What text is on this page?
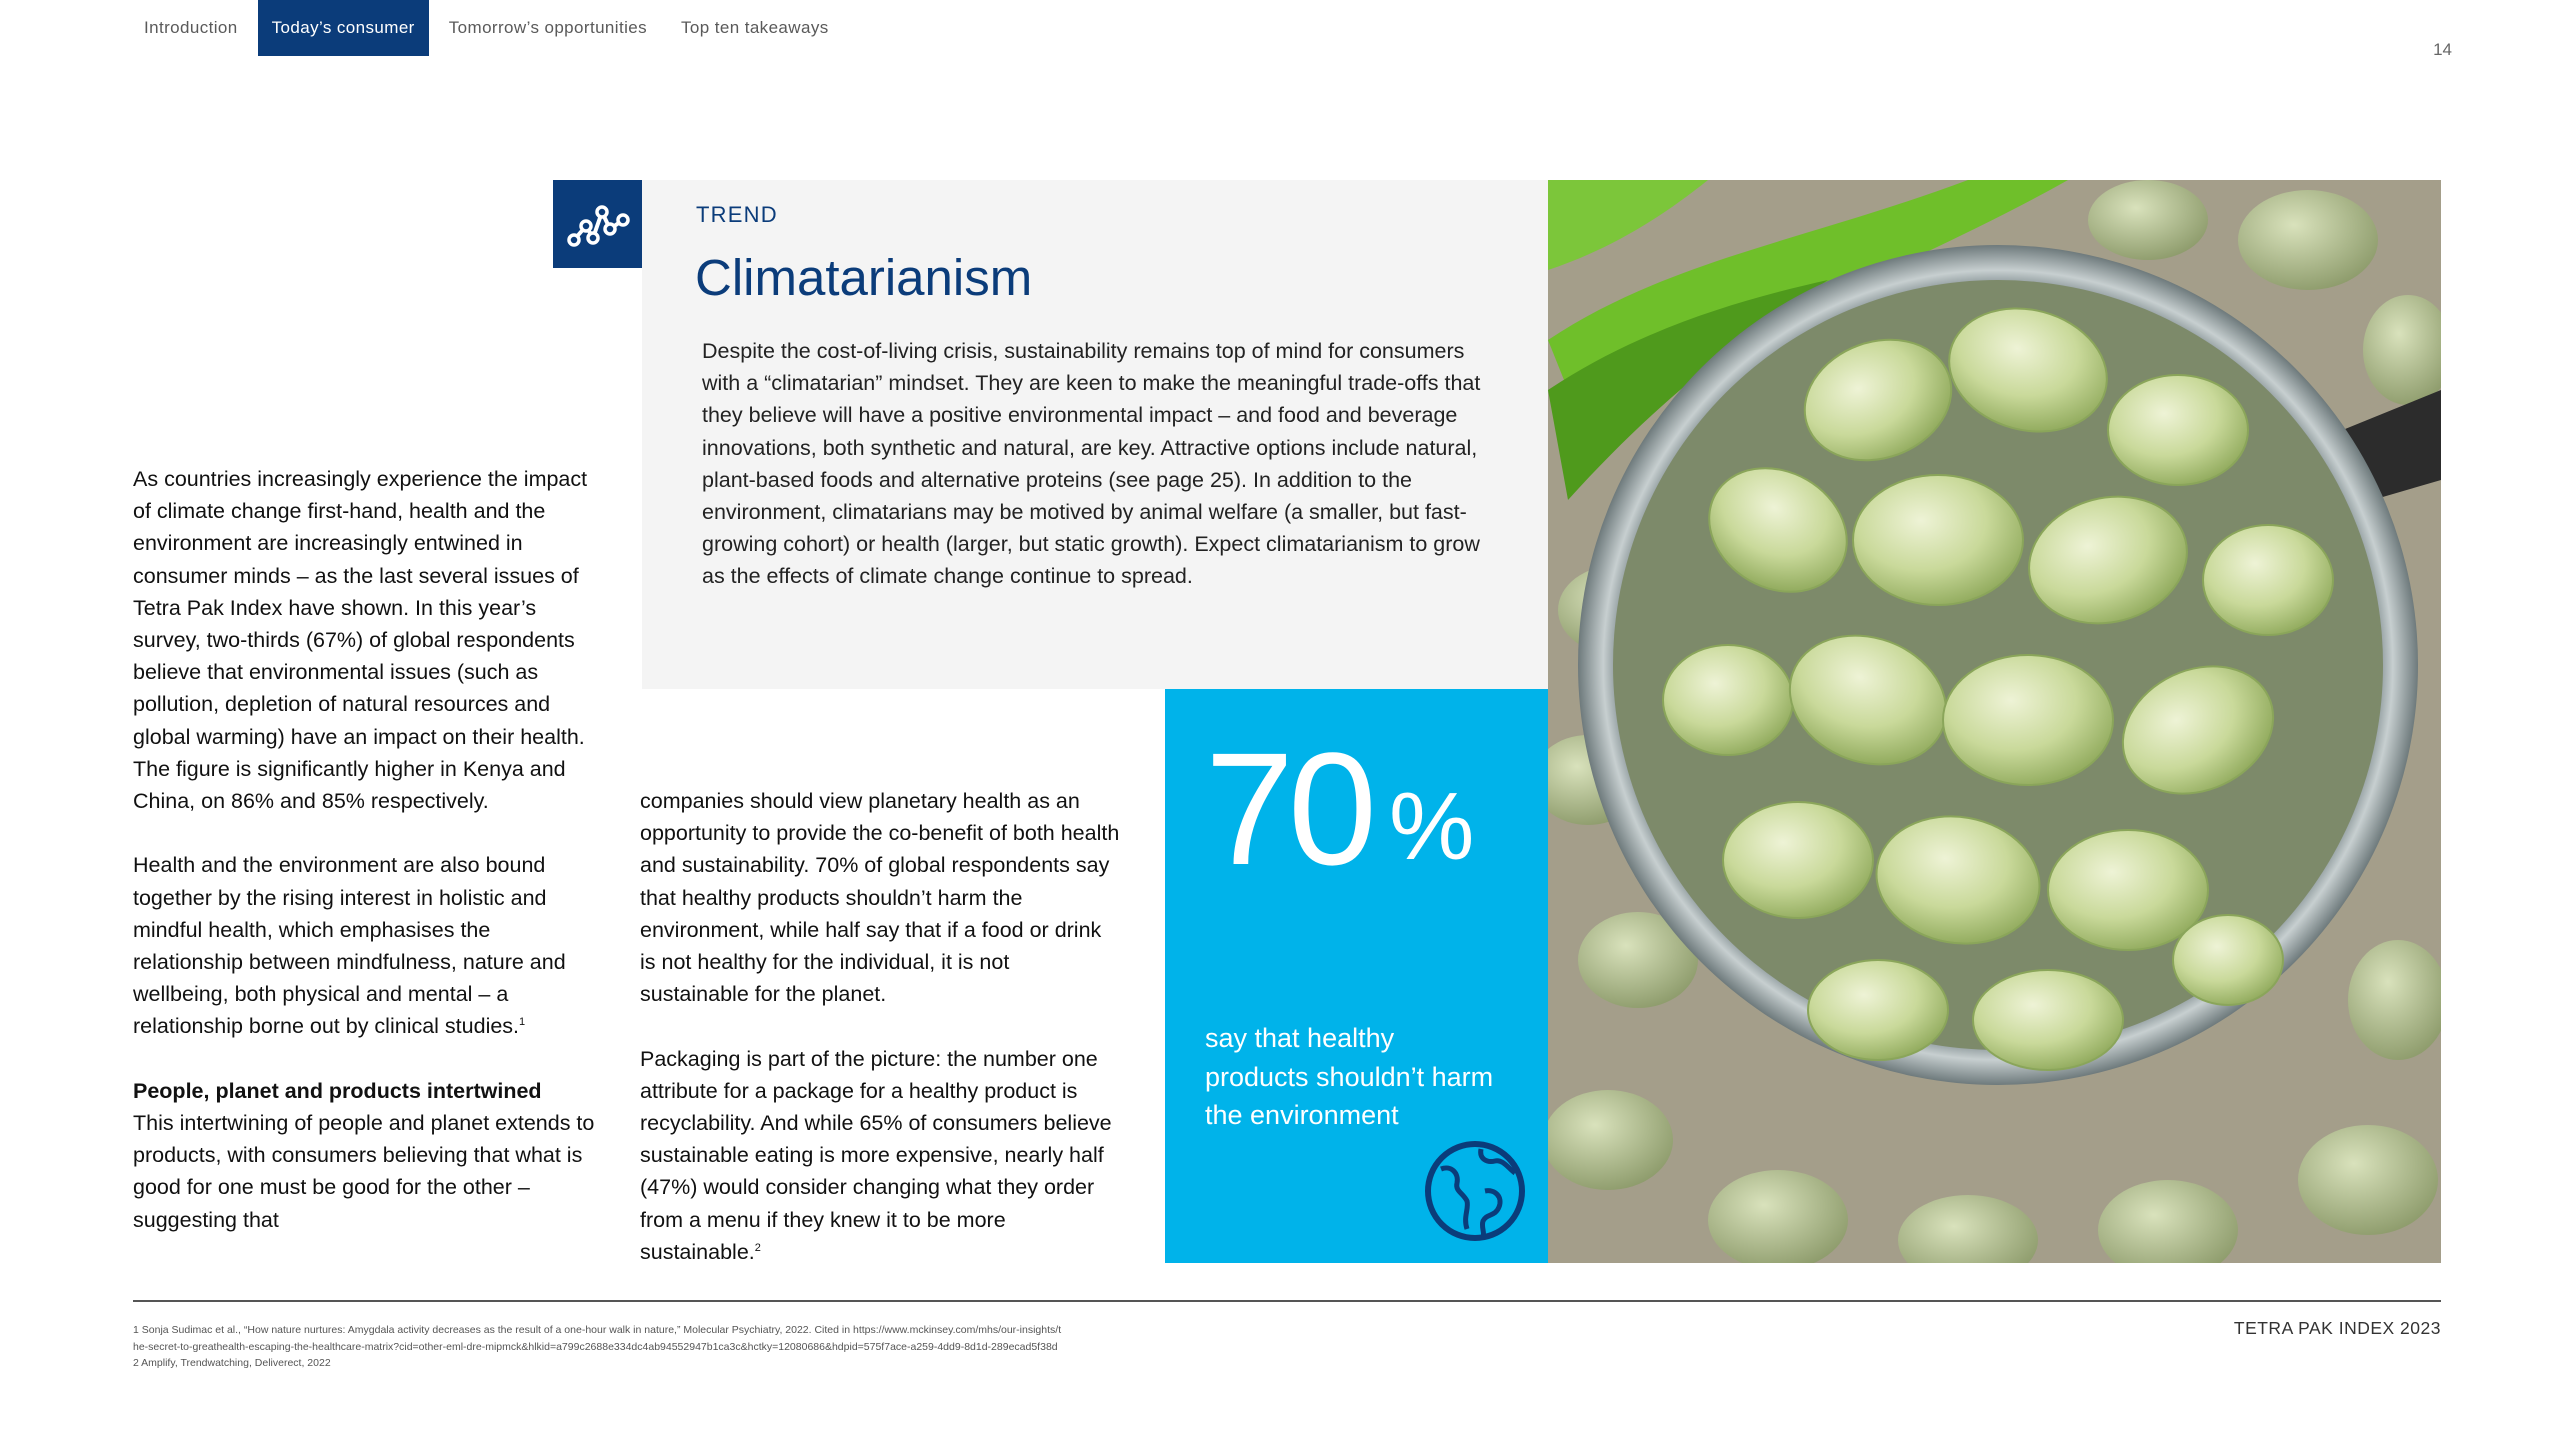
Introduction	Today’s consumer	Tomorrow’s opportunities	Top ten takeaways
14
TREND
Climatarianism
Despite the cost-of-living crisis, sustainability remains top of mind for consumers with a “climatarian” mindset. They are keen to make the meaningful trade-offs that they believe will have a positive environmental impact – and food and beverage innovations, both synthetic and natural, are key. Attractive options include natural, plant-based foods and alternative proteins (see page 25). In addition to the environment, climatarians may be motived by animal welfare (a smaller, but fast-growing cohort) or health (larger, but static growth). Expect climatarianism to grow as the effects of climate change continue to spread.
70 %
say that healthy products shouldn’t harm the environment

As countries increasingly experience the impact of climate change first-hand, health and the environment are increasingly entwined in consumer minds – as the last several issues of Tetra Pak Index have shown. In this year’s survey, two-thirds (67%) of global respondents believe that environmental issues (such as pollution, depletion of natural resources and global warming) have an impact on their health. The figure is significantly higher in Kenya and China, on 86% and 85% respectively.

Health and the environment are also bound together by the rising interest in holistic and mindful health, which emphasises the relationship between mindfulness, nature and wellbeing, both physical and mental – a relationship borne out by clinical studies.$^1$

People, planet and products intertwined
This intertwining of people and planet extends to products, with consumers believing that what is good for one must be good for the other – suggesting that

companies should view planetary health as an opportunity to provide the co-benefit of both health and sustainability. 70% of global respondents say that healthy products shouldn’t harm the environment, while half say that if a food or drink is not healthy for the individual, it is not sustainable for the planet.

Packaging is part of the picture: the number one attribute for a package for a healthy product is recyclability. And while 65% of consumers believe sustainable eating is more expensive, nearly half (47%) would consider changing what they order from a menu if they knew it to be more sustainable.$^2$

1 Sonja Sudimac et al., “How nature nurtures: Amygdala activity decreases as the result of a one-hour walk in nature,” Molecular Psychiatry, 2022. Cited in https://www.mckinsey.com/mhs/our-insights/the-secret-to-greathealth-escaping-the-healthcare-matrix?cid=other-eml-dre-mipmck&hlkid=a799c2688e334dc4ab94552947b1ca3c&hctky=12080686&hdpid=575f7ace-a259-4dd9-8d1d-289ecad5f38d
2 Amplify, Trendwatching, Deliverect, 2022
TETRA PAK INDEX 2023
